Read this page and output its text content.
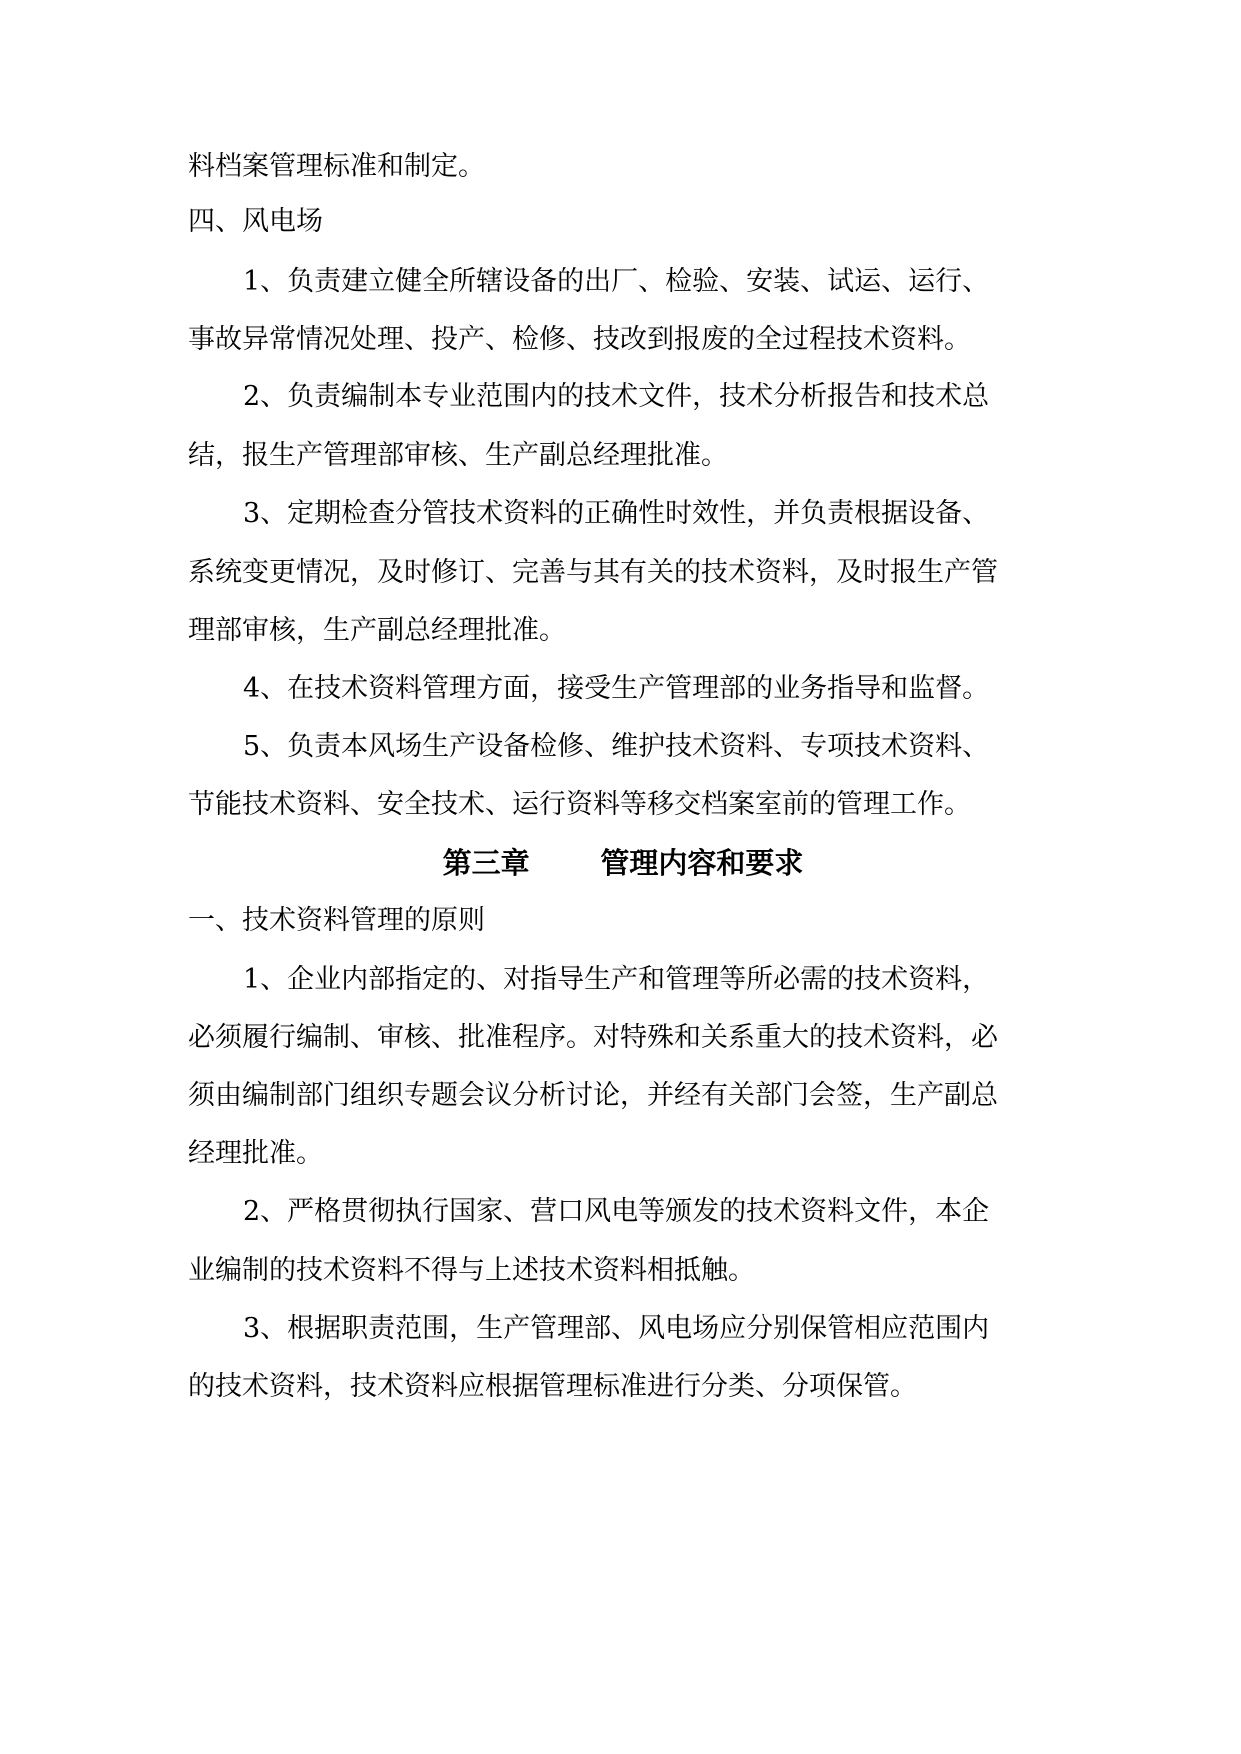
料档案管理标准和制定。
四、风电场
1、负责建立健全所辖设备的出厂、检验、安装、试运、运行、
事故异常情况处理、投产、检修、技改到报废的全过程技术资料。
2、负责编制本专业范围内的技术文件，技术分析报告和技术总
结，报生产管理部审核、生产副总经理批准。
3、定期检查分管技术资料的正确性时效性，并负责根据设备、
系统变更情况，及时修订、完善与其有关的技术资料，及时报生产管
理部审核，生产副总经理批准。
4、在技术资料管理方面，接受生产管理部的业务指导和监督。
5、负责本风场生产设备检修、维护技术资料、专项技术资料、
节能技术资料、安全技术、运行资料等移交档案室前的管理工作。
第三章       管理内容和要求
一、技术资料管理的原则
1、企业内部指定的、对指导生产和管理等所必需的技术资料，
必须履行编制、审核、批准程序。对特殊和关系重大的技术资料，必
须由编制部门组织专题会议分析讨论，并经有关部门会签，生产副总
经理批准。
2、严格贯彻执行国家、营口风电等颁发的技术资料文件，本企
业编制的技术资料不得与上述技术资料相抵触。
3、根据职责范围，生产管理部、风电场应分别保管相应范围内
的技术资料，技术资料应根据管理标准进行分类、分项保管。
